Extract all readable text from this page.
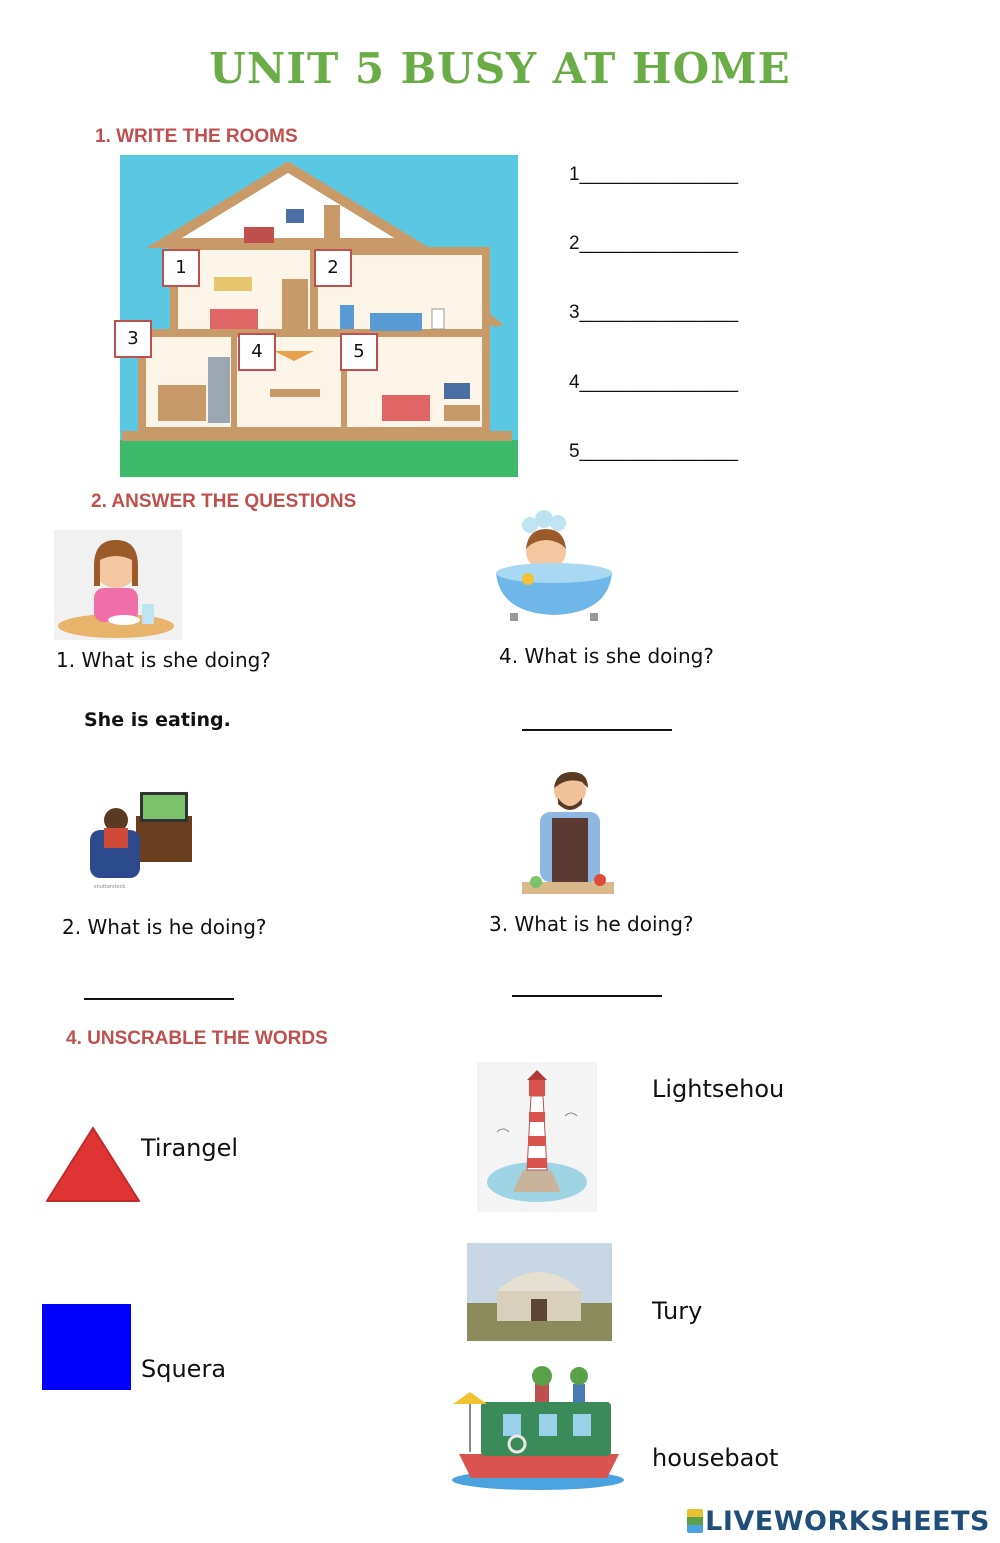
UNIT 5 BUSY AT HOME
1. WRITE THE ROOMS
1	2
3
4	5
1_______________
2_______________
3_______________
4_______________
5_______________
2. ANSWER THE QUESTIONS
1. What is she doing?
She is eating.
4. What is she doing?
shutterstock
2. What is he doing?	3. What is he doing?
4. UNSCRABLE THE WORDS
Tirangel
Squera
Lightsehou
Tury
housebaot
LIVEWORKSHEETS
